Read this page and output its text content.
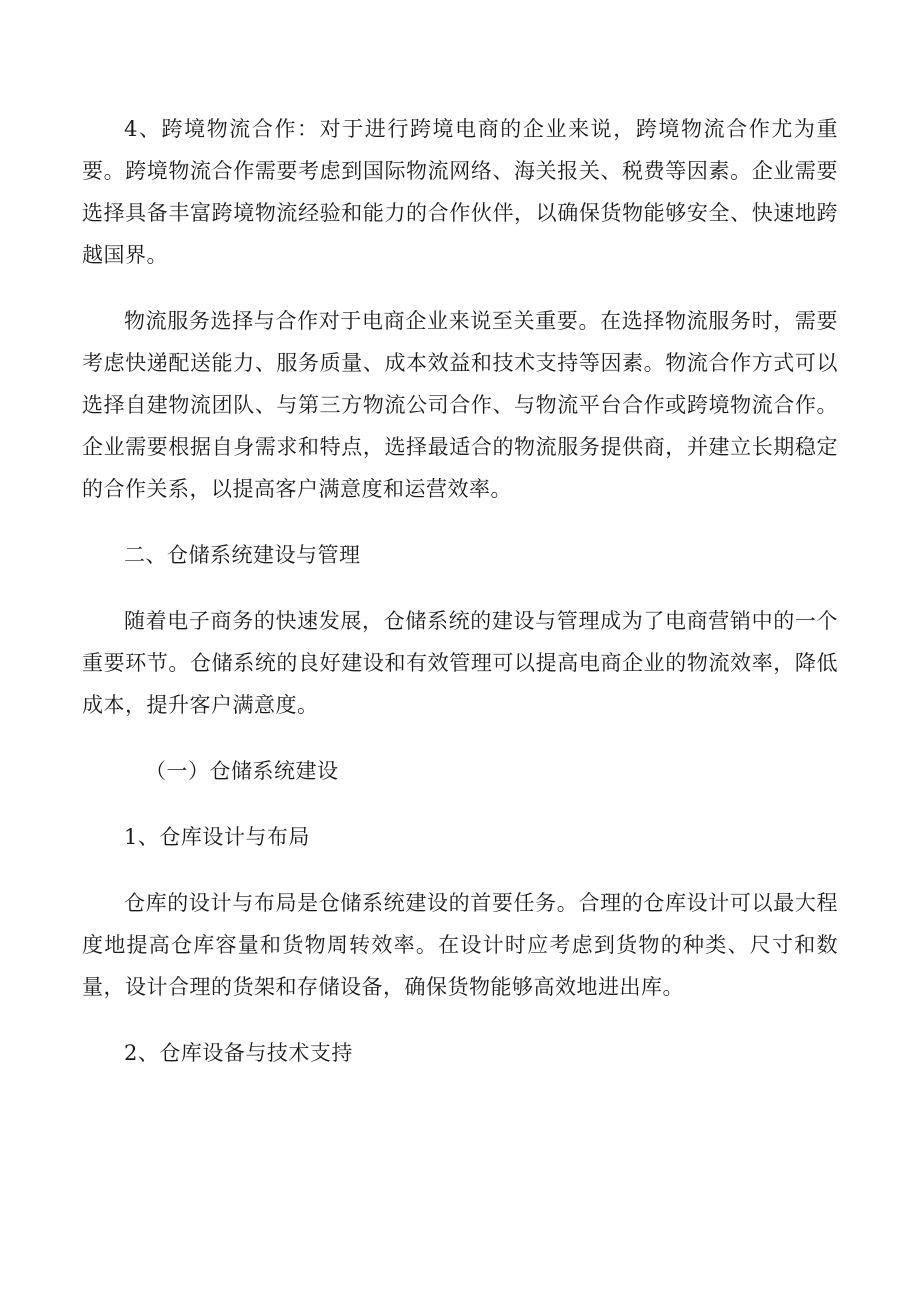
4、跨境物流合作：对于进行跨境电商的企业来说，跨境物流合作尤为重要。跨境物流合作需要考虑到国际物流网络、海关报关、税费等因素。企业需要选择具备丰富跨境物流经验和能力的合作伙伴，以确保货物能够安全、快速地跨越国界。

物流服务选择与合作对于电商企业来说至关重要。在选择物流服务时，需要考虑快递配送能力、服务质量、成本效益和技术支持等因素。物流合作方式可以选择自建物流团队、与第三方物流公司合作、与物流平台合作或跨境物流合作。企业需要根据自身需求和特点，选择最适合的物流服务提供商，并建立长期稳定的合作关系，以提高客户满意度和运营效率。

二、仓储系统建设与管理

随着电子商务的快速发展，仓储系统的建设与管理成为了电商营销中的一个重要环节。仓储系统的良好建设和有效管理可以提高电商企业的物流效率，降低成本，提升客户满意度。

（一）仓储系统建设

1、仓库设计与布局

仓库的设计与布局是仓储系统建设的首要任务。合理的仓库设计可以最大程度地提高仓库容量和货物周转效率。在设计时应考虑到货物的种类、尺寸和数量，设计合理的货架和存储设备，确保货物能够高效地进出库。

2、仓库设备与技术支持
